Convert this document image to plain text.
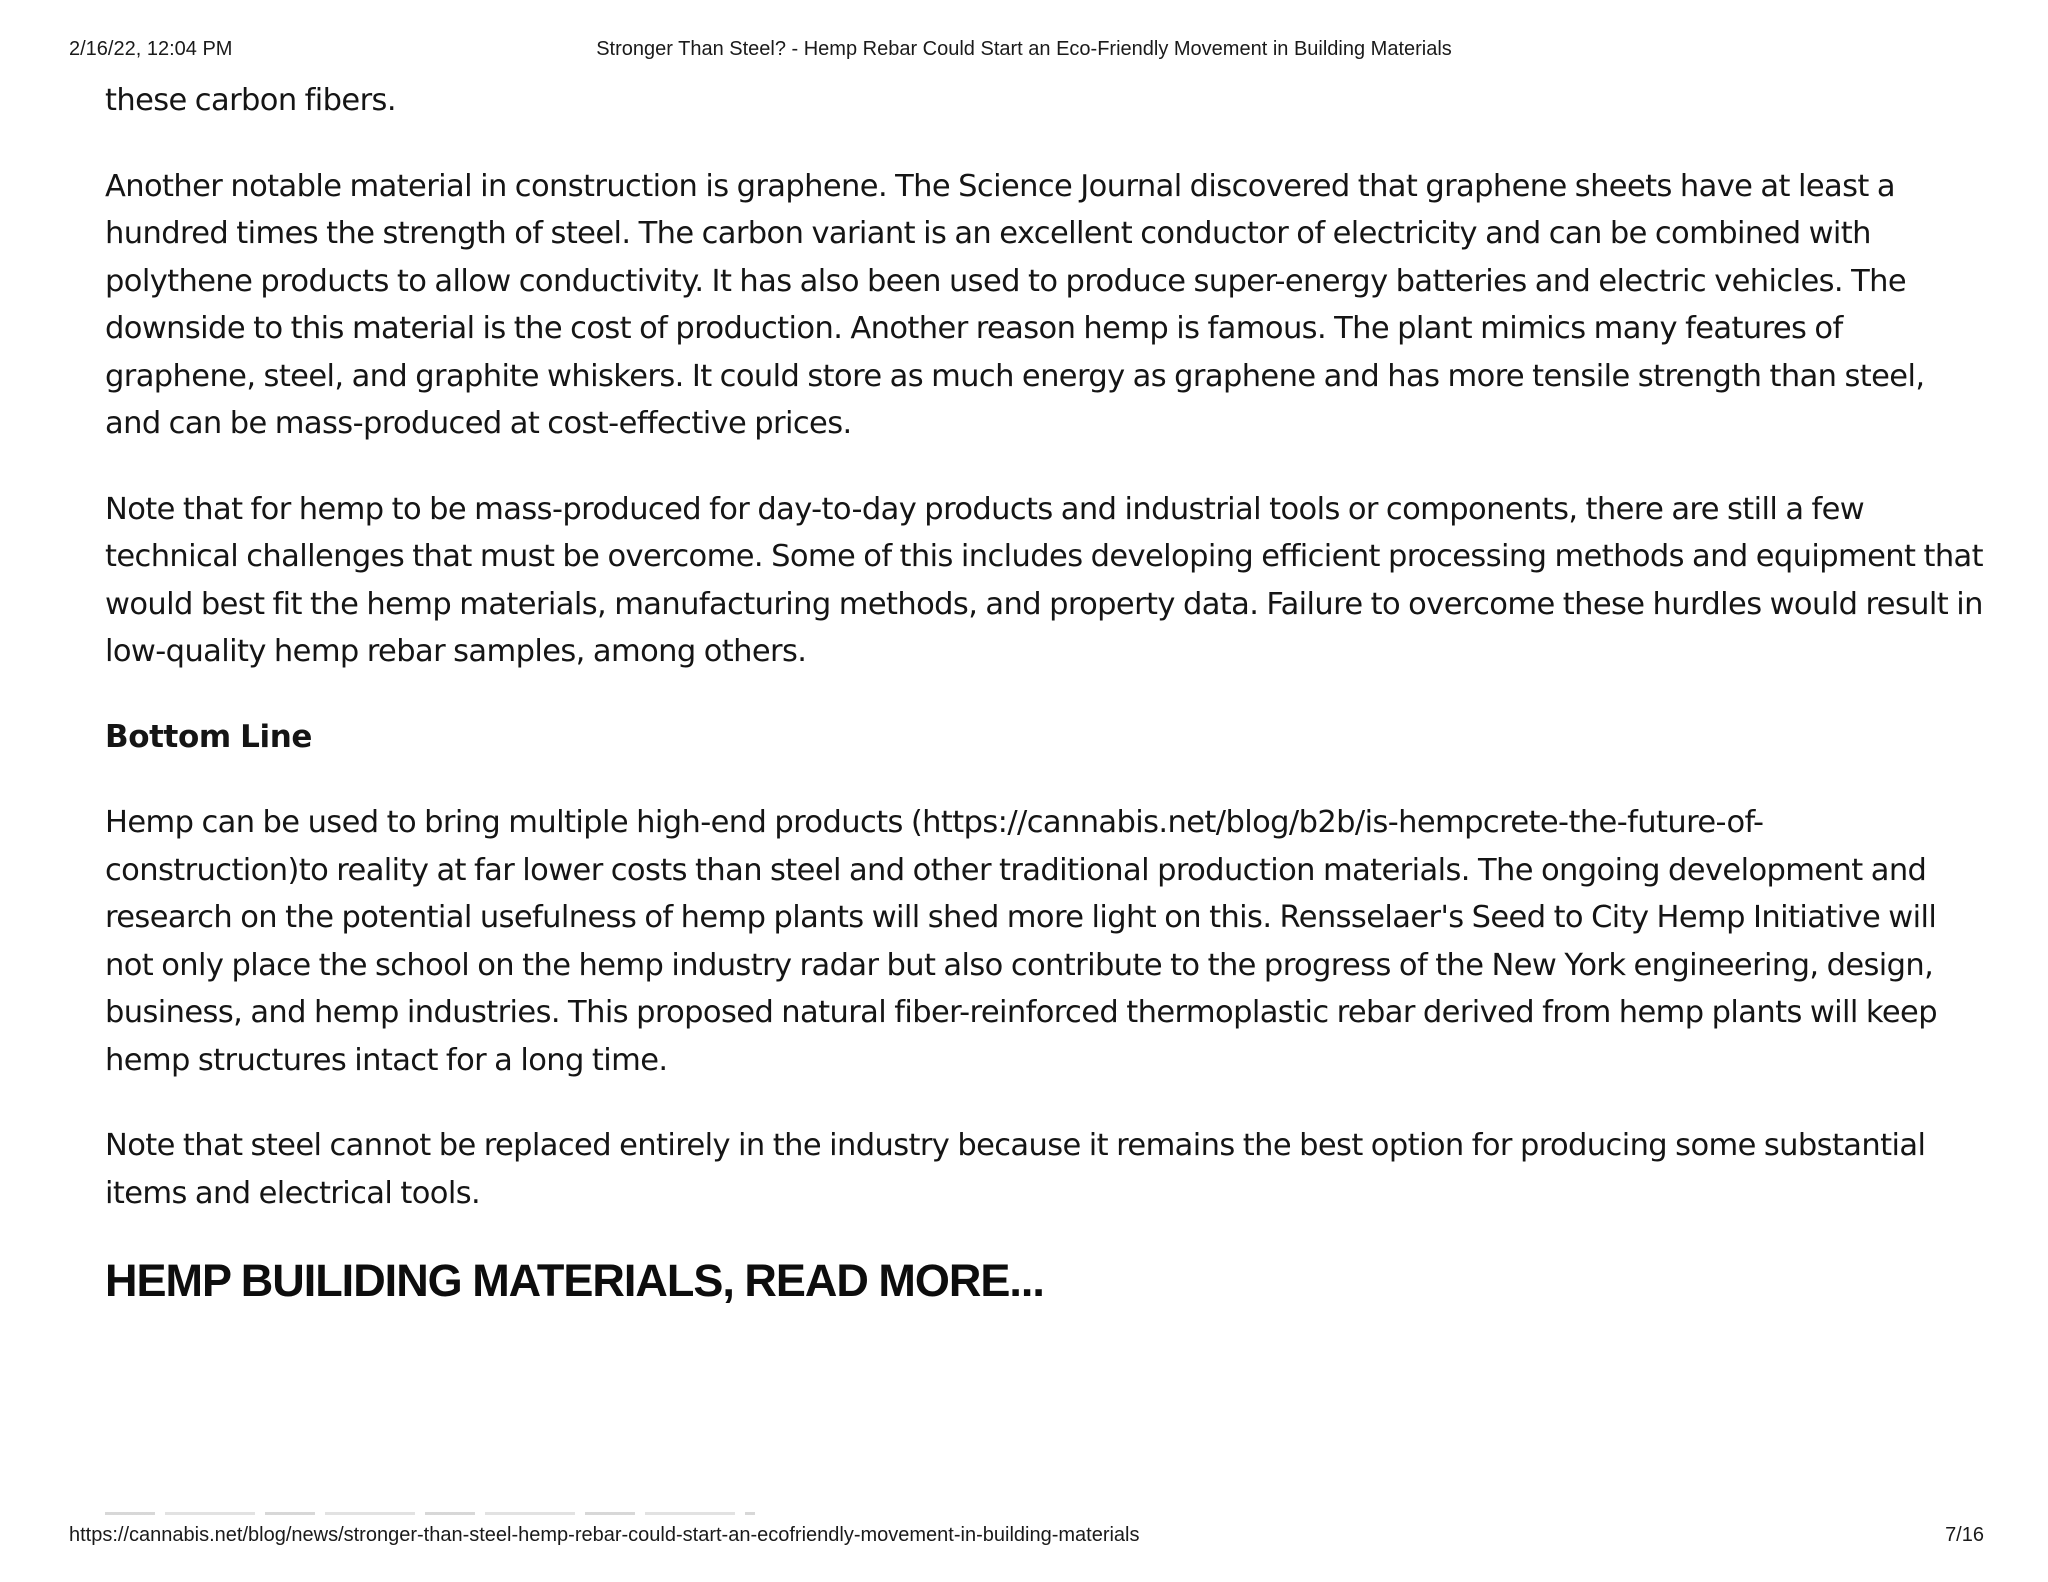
2/16/22, 12:04 PM	Stronger Than Steel? - Hemp Rebar Could Start an Eco-Friendly Movement in Building Materials

these carbon fibers.

Another notable material in construction is graphene. The Science Journal discovered that graphene sheets have at least a hundred times the strength of steel. The carbon variant is an excellent conductor of electricity and can be combined with polythene products to allow conductivity. It has also been used to produce super-energy batteries and electric vehicles. The downside to this material is the cost of production. Another reason hemp is famous. The plant mimics many features of graphene, steel, and graphite whiskers. It could store as much energy as graphene and has more tensile strength than steel, and can be mass-produced at cost-effective prices.

Note that for hemp to be mass-produced for day-to-day products and industrial tools or components, there are still a few technical challenges that must be overcome. Some of this includes developing efficient processing methods and equipment that would best fit the hemp materials, manufacturing methods, and property data. Failure to overcome these hurdles would result in low-quality hemp rebar samples, among others.

Bottom Line

Hemp can be used to bring multiple high-end products (https://cannabis.net/blog/b2b/is-hempcrete-the-future-of-construction)to reality at far lower costs than steel and other traditional production materials. The ongoing development and research on the potential usefulness of hemp plants will shed more light on this. Rensselaer's Seed to City Hemp Initiative will not only place the school on the hemp industry radar but also contribute to the progress of the New York engineering, design, business, and hemp industries. This proposed natural fiber-reinforced thermoplastic rebar derived from hemp plants will keep hemp structures intact for a long time.

Note that steel cannot be replaced entirely in the industry because it remains the best option for producing some substantial items and electrical tools.

HEMP BUILIDING MATERIALS, READ MORE...
https://cannabis.net/blog/news/stronger-than-steel-hemp-rebar-could-start-an-ecofriendly-movement-in-building-materials	7/16
